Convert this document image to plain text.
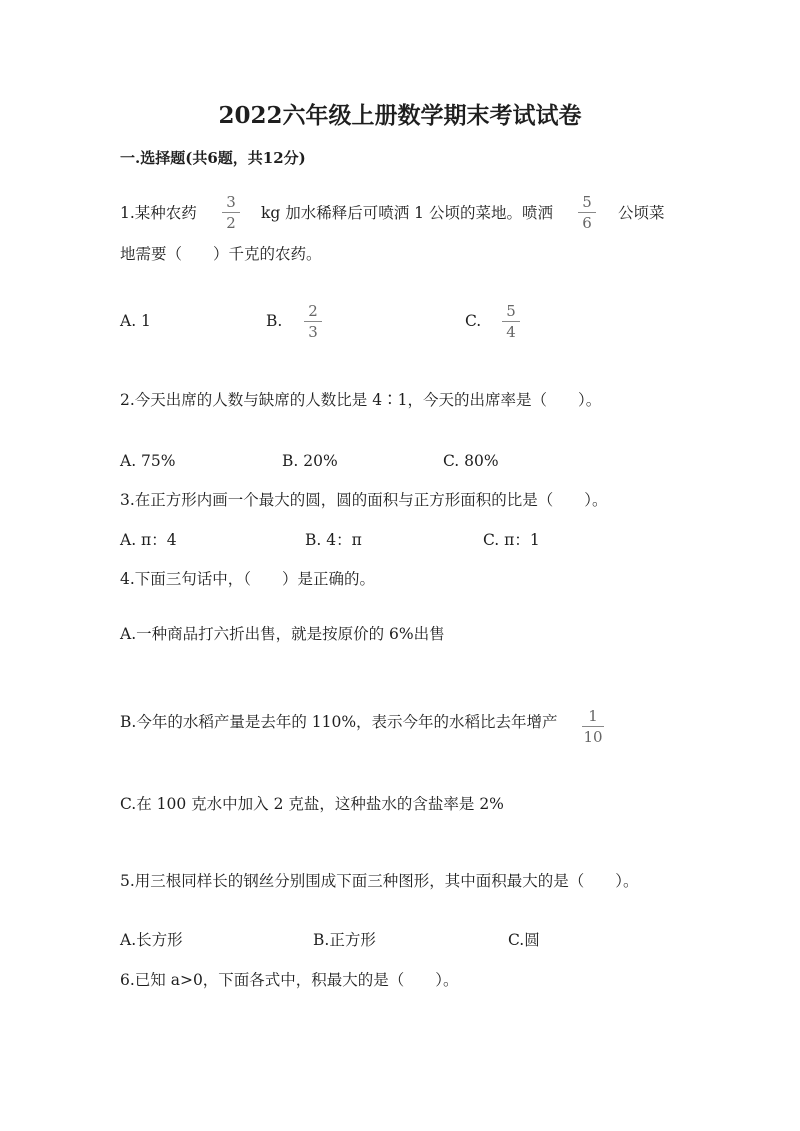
2022六年级上册数学期末考试试卷
一.选择题(共6题，共12分)
1.某种农药
3
2
kg 加水稀释后可喷洒 1 公顷的菜地。喷洒
5
6
公顷菜
地需要（　　）千克的农药。
A. 1	B.
2
3
C.
5
4
2.今天出席的人数与缺席的人数比是 4∶1，今天的出席率是（　　）。
A. 75%	B. 20%	C. 80%
3.在正方形内画一个最大的圆，圆的面积与正方形面积的比是（　　）。
A. π：4	B. 4：π	C. π：1
4.下面三句话中，（　　）是正确的。
A.一种商品打六折出售，就是按原价的 6%出售
B.今年的水稻产量是去年的 110%，表示今年的水稻比去年增产	1
10
C.在 100 克水中加入 2 克盐，这种盐水的含盐率是 2%
5.用三根同样长的钢丝分别围成下面三种图形，其中面积最大的是（　　）。
A.长方形	B.正方形	C.圆
6.已知 a>0，下面各式中，积最大的是（　　）。
